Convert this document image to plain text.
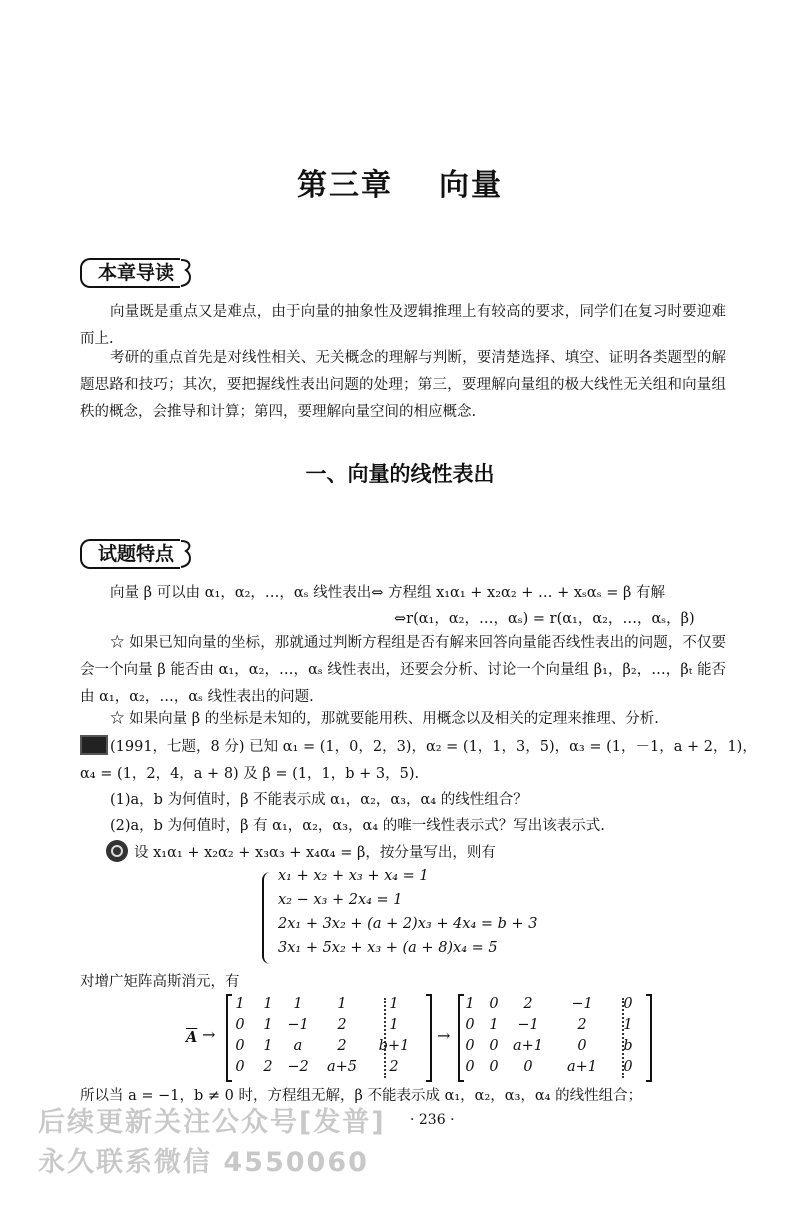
第三章 向量
本章导读
向量既是重点又是难点，由于向量的抽象性及逻辑推理上有较高的要求，同学们在复习时要迎难而上.
考研的重点首先是对线性相关、无关概念的理解与判断，要清楚选择、填空、证明各类题型的解题思路和技巧；其次，要把握线性表出问题的处理；第三，要理解向量组的极大线性无关组和向量组秩的概念，会推导和计算；第四，要理解向量空间的相应概念.
一、向量的线性表出
试题特点
向量 β 可以由 α₁，α₂，…，αₛ 线性表出⇔ 方程组 x₁α₁ + x₂α₂ + … + xₛαₛ = β 有解
⇔r(α₁，α₂，…，αₛ) = r(α₁，α₂，…，αₛ，β)
☆ 如果已知向量的坐标，那就通过判断方程组是否有解来回答向量能否线性表出的问题，不仅要会一个向量 β 能否由 α₁，α₂，…，αₛ 线性表出，还要会分析、讨论一个向量组 β₁，β₂，…，βₜ 能否由 α₁，α₂，…，αₛ 线性表出的问题.
☆ 如果向量 β 的坐标是未知的，那就要能用秩、用概念以及相关的定理来推理、分析.
(1991，七题，8 分) 已知 α₁ = (1，0，2，3)，α₂ = (1，1，3，5)，α₃ = (1，－1，a + 2，1)，
α₄ = (1，2，4，a + 8) 及 β = (1，1，b + 3，5).
(1)a，b 为何值时，β 不能表示成 α₁，α₂，α₃，α₄ 的线性组合？
(2)a，b 为何值时，β 有 α₁，α₂，α₃，α₄ 的唯一线性表示式？写出该表示式.
设 x₁α₁ + x₂α₂ + x₃α₃ + x₄α₄ = β，按分量写出，则有
x₁ + x₂ + x₃ + x₄ = 1
x₂ − x₃ + 2x₄ = 1
2x₁ + 3x₂ + (a + 2)x₃ + 4x₄ = b + 3
3x₁ + 5x₂ + x₃ + (a + 8)x₄ = 5
对增广矩阵高斯消元，有
$\overline{A}$ →
1	1	1	1	1
0	1	−1	2	1
0	1	a	2	b+1
0	2	−2	a+5	2
→
1	0	2	−1	0
0	1	−1	2	1
0	0 a+1	0	b
0	0	0	a+1	0
所以当 a = −1，b ≠ 0 时，方程组无解，β 不能表示成 α₁，α₂，α₃，α₄ 的线性组合；
后续更新关注公众号[发普]
永久联系微信 4550060
· 236 ·
